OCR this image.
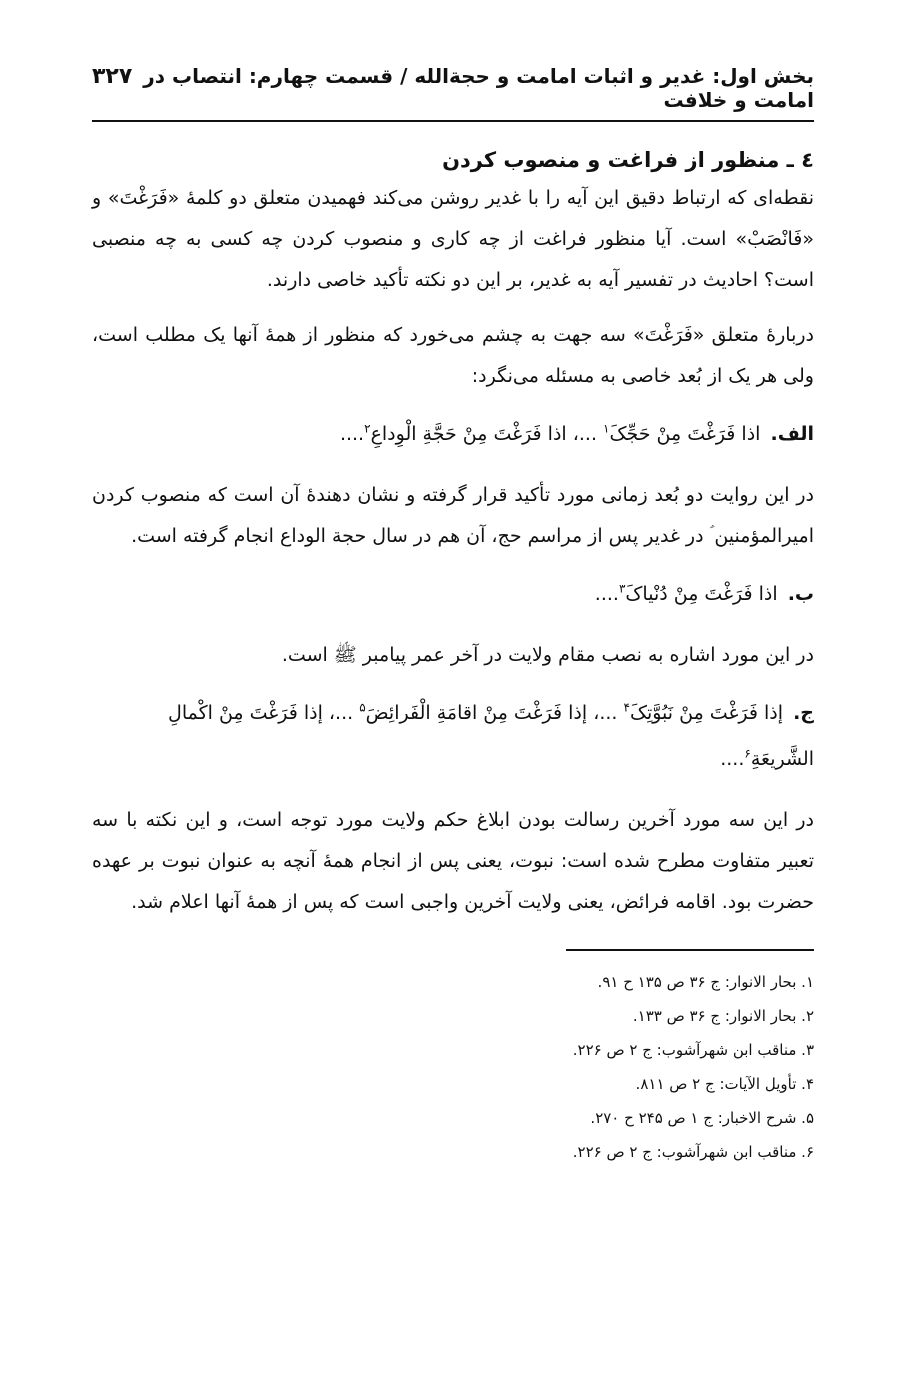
بخش اول: غدیر و اثبات امامت و حجةالله / قسمت چهارم: انتصاب در امامت و خلافت
۳۲۷
٤ ـ منظور از فراغت و منصوب کردن

نقطه‌ای که ارتباط دقیق این آیه را با غدیر روشن می‌کند فهمیدن متعلق دو کلمهٔ «فَرَغْتَ» و «فَانْصَبْ» است. آیا منظور فراغت از چه کاری و منصوب کردن چه کسی به چه منصبی است؟ احادیث در تفسیر آیه به غدیر، بر این دو نکته تأکید خاصی دارند.

دربارهٔ متعلق «فَرَغْتَ» سه جهت به چشم می‌خورد که منظور از همهٔ آنها یک مطلب است، ولی هر یک از بُعد خاصی به مسئله می‌نگرد:

الف. اذا فَرَغْتَ مِنْ حَجِّکَ$^۱$ ...، اذا فَرَغْتَ مِنْ حَجَّةِ الْوِداعِ$^۲$....

در این روایت دو بُعد زمانی مورد تأکید قرار گرفته و نشان دهندهٔ آن است که منصوب کردن امیرالمؤمنین ؑ در غدیر پس از مراسم حج، آن هم در سال حجة الوداع انجام گرفته است.

ب. اذا فَرَغْتَ مِنْ دُنْیاکَ$^۳$....

در این مورد اشاره به نصب مقام ولایت در آخر عمر پیامبر ﷺ است.

ج. إذا فَرَغْتَ مِنْ نَبُوَّتِکَ$^۴$ ...، إذا فَرَغْتَ مِنْ اقامَةِ الْفَرائِضَ$^۵$ ...، إذا فَرَغْتَ مِنْ اکْمالِ الشَّریعَةِ$^۶$....

در این سه مورد آخرین رسالت بودن ابلاغ حکم ولایت مورد توجه است، و این نکته با سه تعبیر متفاوت مطرح شده است: نبوت، یعنی پس از انجام همهٔ آنچه به عنوان نبوت بر عهده حضرت بود. اقامه فرائض، یعنی ولایت آخرین واجبی است که پس از همهٔ آنها اعلام شد.

۱. بحار الانوار: ج ۳۶ ص ۱۳۵ ح ۹۱.
۲. بحار الانوار: ج ۳۶ ص ۱۳۳.
۳. مناقب ابن شهرآشوب: ج ۲ ص ۲۲۶.
۴. تأویل الآیات: ج ۲ ص ۸۱۱.
۵. شرح الاخبار: ج ۱ ص ۲۴۵ ح ۲۷۰.
۶. مناقب ابن شهرآشوب: ج ۲ ص ۲۲۶.
